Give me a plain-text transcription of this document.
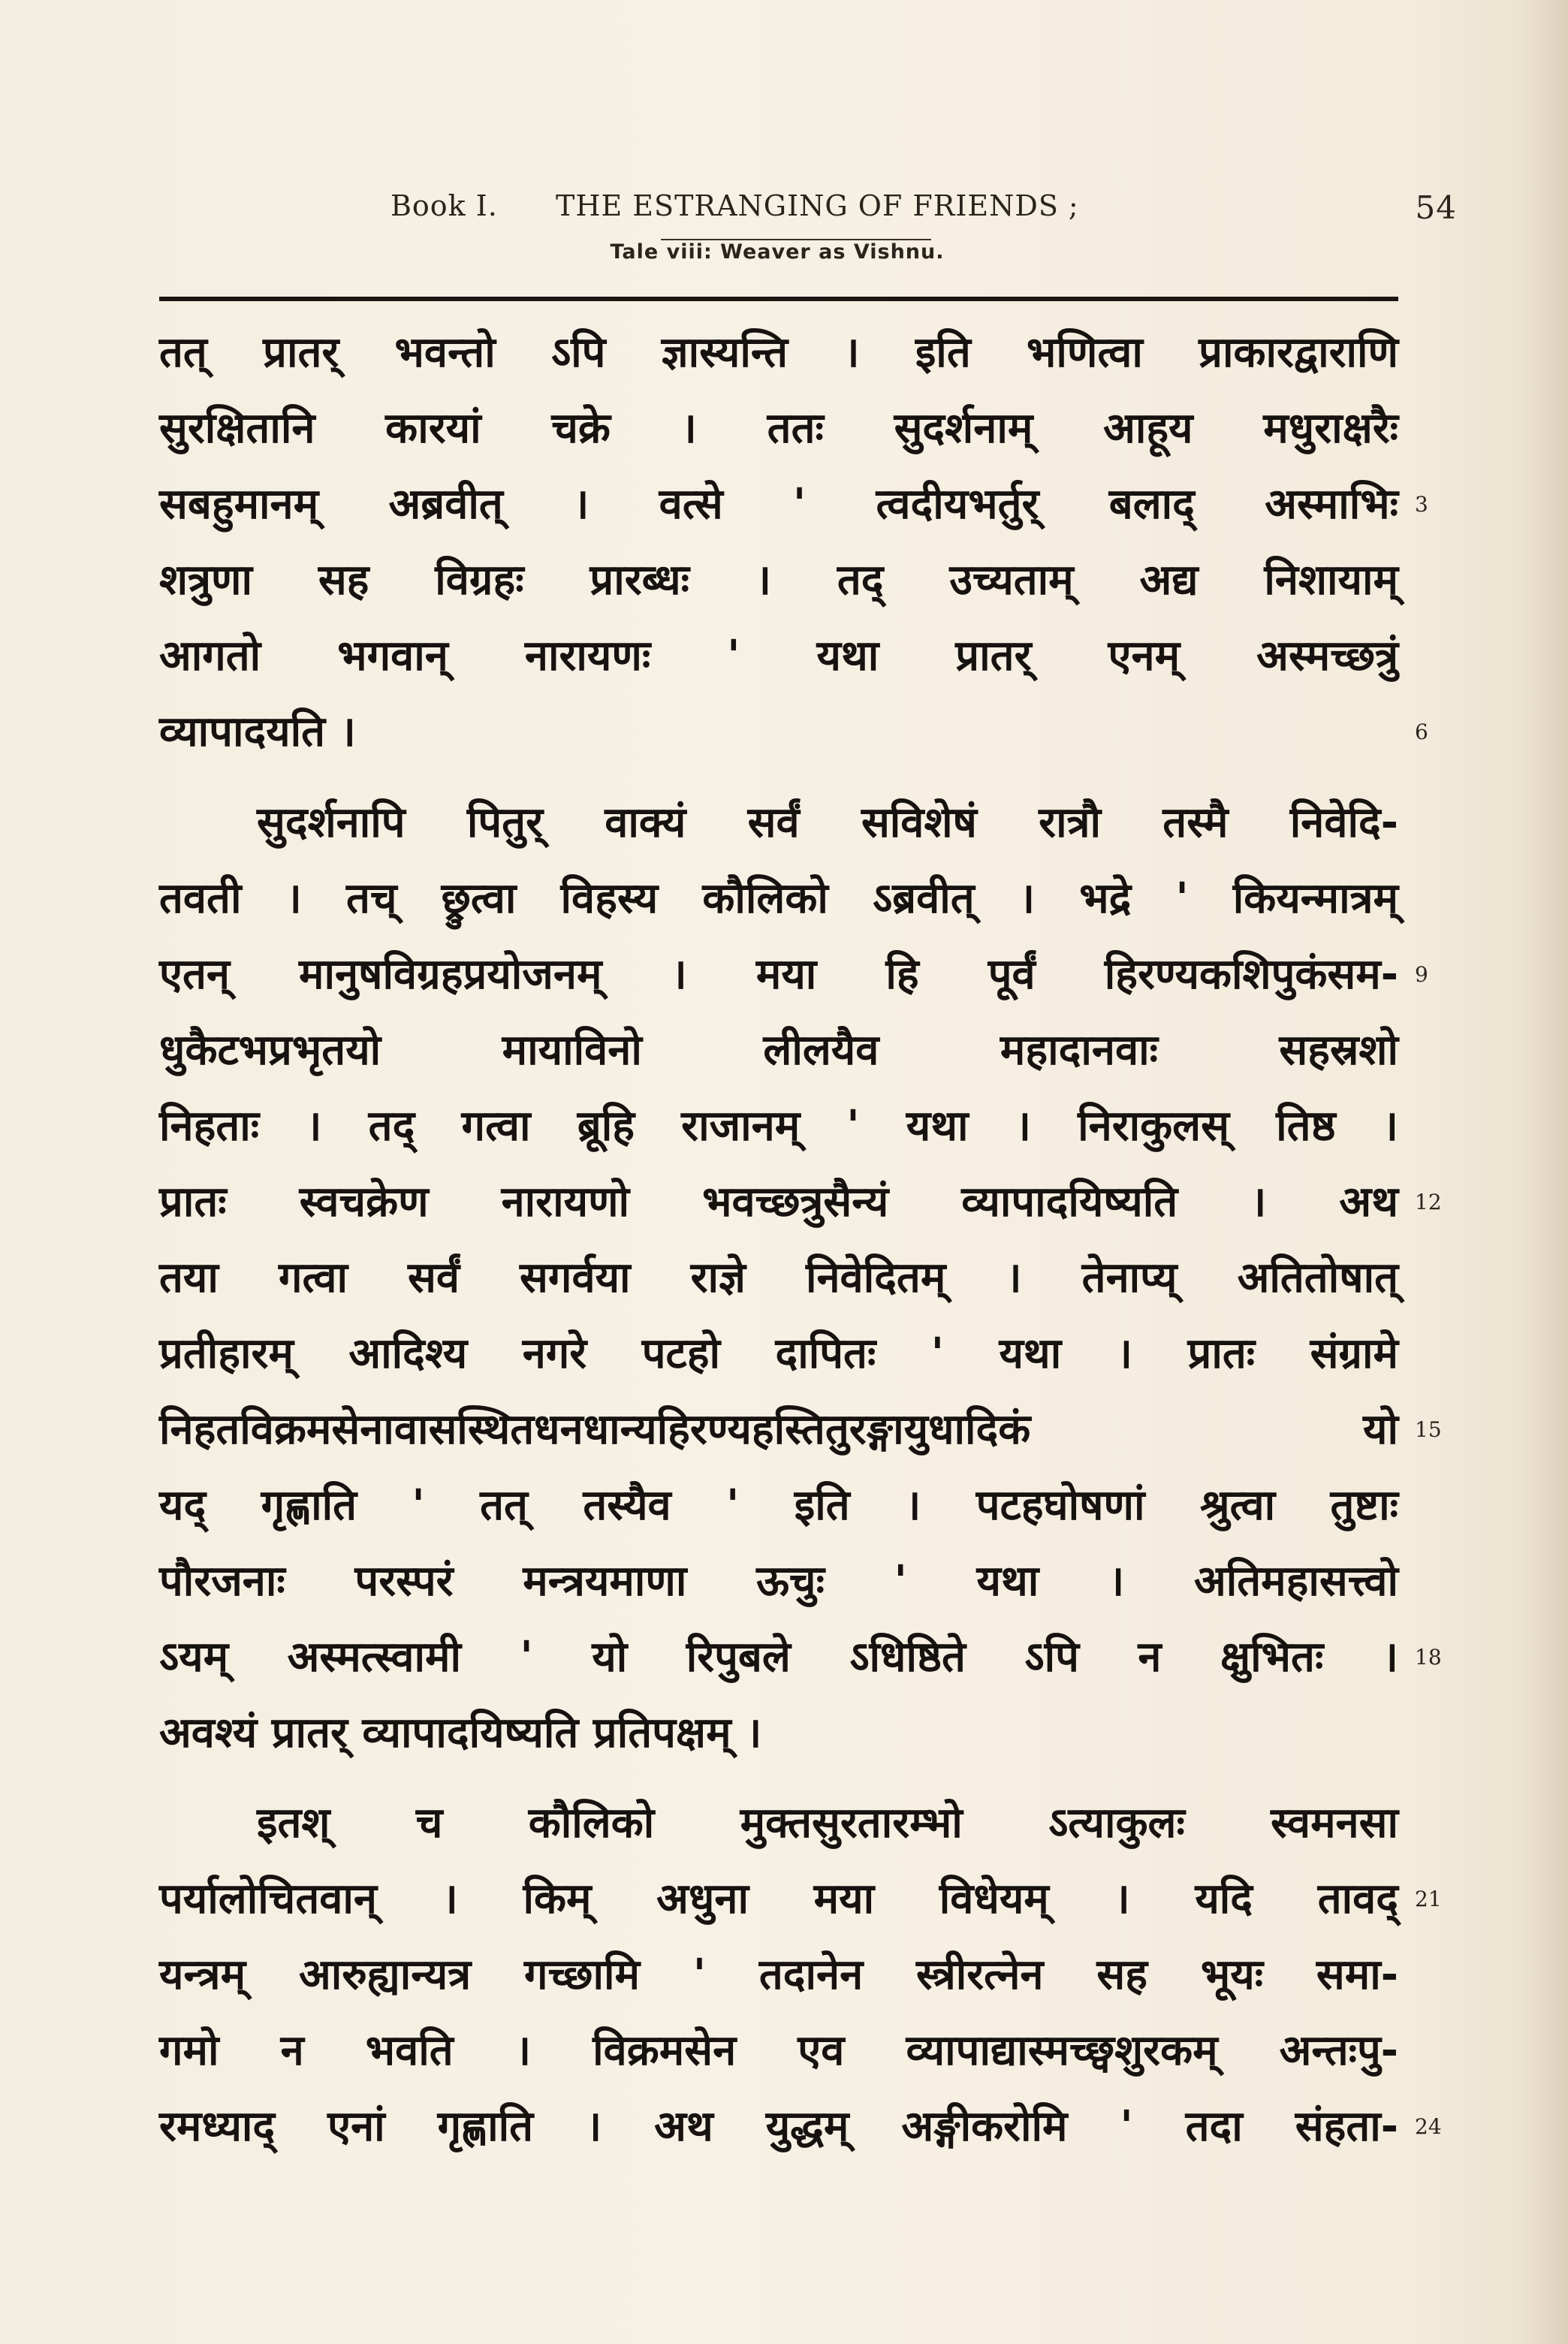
Book I. THE ESTRANGING OF FRIENDS ;	54
Tale viii: Weaver as Vishnu.
तत् प्रातर् भवन्तो ऽपि ज्ञास्यन्ति । इति भणित्वा प्राकारद्वाराणि
सुरक्षितानि कारयां चक्रे । ततः सुदर्शनाम् आहूय मधुराक्षरैः
सबहुमानम् अब्रवीत् । वत्से ' त्वदीयभर्तुर् बलाद् अस्माभिः 3
शत्रुणा सह विग्रहः प्रारब्धः । तद् उच्यताम् अद्य निशायाम्
आगतो भगवान् नारायणः ' यथा प्रातर् एनम् अस्मच्छत्रुं
व्यापादयति ।	6
सुदर्शनापि पितुर् वाक्यं सर्वं सविशेषं रात्रौ तस्मै निवेदि-
तवती । तच् छ्रुत्वा विहस्य कौलिको ऽब्रवीत् । भद्रे ' कियन्मात्रम्
एतन् मानुषविग्रहप्रयोजनम् । मया हि पूर्वं हिरण्यकशिपुकंसम- 9
धुकैटभप्रभृतयो मायाविनो लीलयैव महादानवाः सहस्रशो
निहताः । तद् गत्वा ब्रूहि राजानम् ' यथा । निराकुलस् तिष्ठ ।
प्रातः स्वचक्रेण नारायणो भवच्छत्रुसैन्यं व्यापादयिष्यति । अथ 12
तया गत्वा सर्वं सगर्वया राज्ञे निवेदितम् । तेनाप्य् अतितोषात्
प्रतीहारम् आदिश्य नगरे पटहो दापितः ' यथा । प्रातः संग्रामे
निहतविक्रमसेनावासस्थितधनधान्यहिरण्यहस्तितुरङ्गायुधादिकं यो 15
यद् गृह्णाति ' तत् तस्यैव ' इति । पटहघोषणां श्रुत्वा तुष्टाः
पौरजनाः परस्परं मन्त्रयमाणा ऊचुः ' यथा । अतिमहासत्त्वो
ऽयम् अस्मत्स्वामी ' यो रिपुबले ऽधिष्ठिते ऽपि न क्षुभितः । 18
अवश्यं प्रातर् व्यापादयिष्यति प्रतिपक्षम् ।
इतश् च कौलिको मुक्तसुरतारम्भो ऽत्याकुलः स्वमनसा
पर्यालोचितवान् । किम् अधुना मया विधेयम् । यदि तावद् 21
यन्त्रम् आरुह्यान्यत्र गच्छामि ' तदानेन स्त्रीरत्नेन सह भूयः समा-
गमो न भवति । विक्रमसेन एव व्यापाद्यास्मच्छ्वशुरकम् अन्तःपु-
रमध्याद् एनां गृह्णाति । अथ युद्धम् अङ्गीकरोमि ' तदा संहता- 24
